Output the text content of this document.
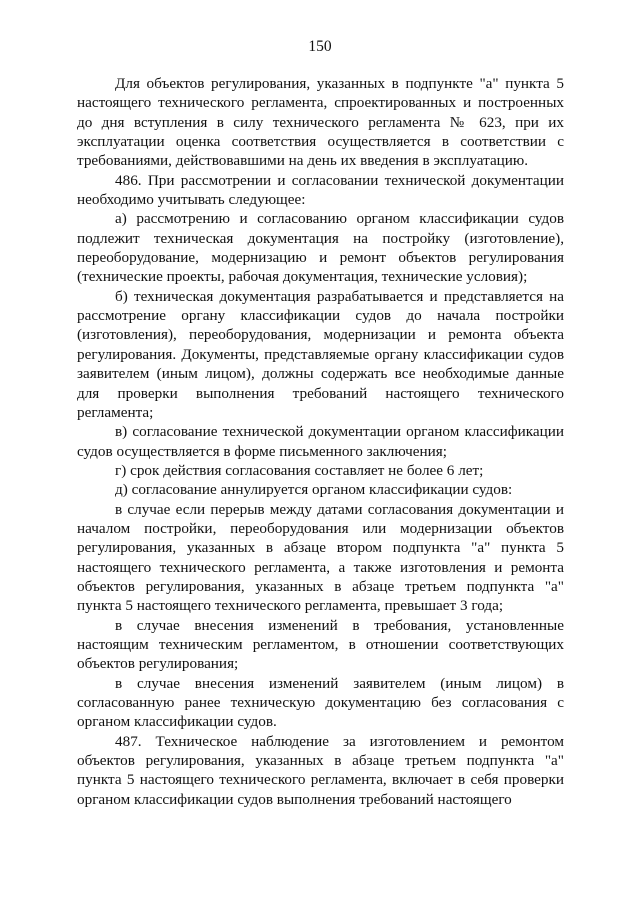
150

Для объектов регулирования, указанных в подпункте "а" пункта 5 настоящего технического регламента, спроектированных и построенных до дня вступления в силу технического регламента № 623, при их эксплуатации оценка соответствия осуществляется в соответствии с требованиями, действовавшими на день их введения в эксплуатацию.

486. При рассмотрении и согласовании технической документации необходимо учитывать следующее:

а) рассмотрению и согласованию органом классификации судов подлежит техническая документация на постройку (изготовление), переоборудование, модернизацию и ремонт объектов регулирования (технические проекты, рабочая документация, технические условия);

б) техническая документация разрабатывается и представляется на рассмотрение органу классификации судов до начала постройки (изготовления), переоборудования, модернизации и ремонта объекта регулирования. Документы, представляемые органу классификации судов заявителем (иным лицом), должны содержать все необходимые данные для проверки выполнения требований настоящего технического регламента;

в) согласование технической документации органом классификации судов осуществляется в форме письменного заключения;

г) срок действия согласования составляет не более 6 лет;

д) согласование аннулируется органом классификации судов:

в случае если перерыв между датами согласования документации и началом постройки, переоборудования или модернизации объектов регулирования, указанных в абзаце втором подпункта "а" пункта 5 настоящего технического регламента, а также изготовления и ремонта объектов регулирования, указанных в абзаце третьем подпункта "а" пункта 5 настоящего технического регламента, превышает 3 года;

в случае внесения изменений в требования, установленные настоящим техническим регламентом, в отношении соответствующих объектов регулирования;

в случае внесения изменений заявителем (иным лицом) в согласованную ранее техническую документацию без согласования с органом классификации судов.

487. Техническое наблюдение за изготовлением и ремонтом объектов регулирования, указанных в абзаце третьем подпункта "а" пункта 5 настоящего технического регламента, включает в себя проверки органом классификации судов выполнения требований настоящего
